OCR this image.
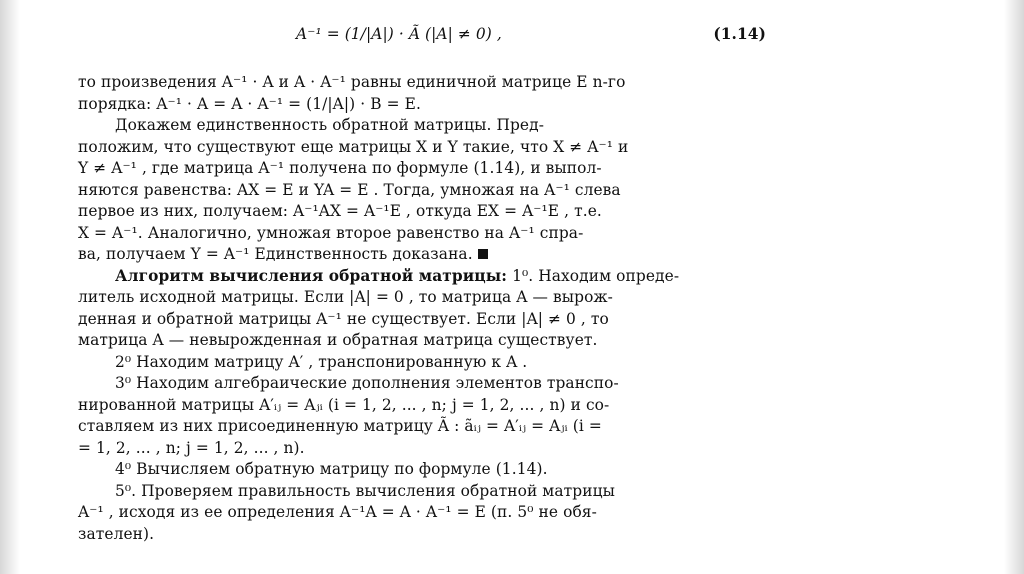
A⁻¹ = (1/|A|) · Ã (|A| ≠ 0) ,	(1.14)
то произведения A⁻¹ · A и A · A⁻¹ равны единичной матрице E n-го
порядка: A⁻¹ · A = A · A⁻¹ = (1/|A|) · B = E.
Докажем единственность обратной матрицы. Пред-
положим, что существуют еще матрицы X и Y такие, что X ≠ A⁻¹ и
Y ≠ A⁻¹ , где матрица A⁻¹ получена по формуле (1.14), и выпол-
няются равенства: AX = E и YA = E . Тогда, умножая на A⁻¹ слева
первое из них, получаем: A⁻¹AX = A⁻¹E , откуда EX = A⁻¹E , т.е.
X = A⁻¹. Аналогично, умножая второе равенство на A⁻¹ спра-
ва, получаем Y = A⁻¹ Единственность доказана.
Алгоритм вычисления обратной матрицы: 1⁰. Находим опреде-
литель исходной матрицы. Если |A| = 0 , то матрица A — вырож-
денная и обратной матрицы A⁻¹ не существует. Если |A| ≠ 0 , то
матрица A — невырожденная и обратная матрица существует.
2⁰ Находим матрицу A′ , транспонированную к A .
3⁰ Находим алгебраические дополнения элементов транспо-
нированной матрицы A′ᵢⱼ = Aⱼᵢ (i = 1, 2, ... , n; j = 1, 2, ... , n) и со-
ставляем из них присоединенную матрицу Ã : ãᵢⱼ = A′ᵢⱼ = Aⱼᵢ (i =
= 1, 2, ... , n; j = 1, 2, ... , n).
4⁰ Вычисляем обратную матрицу по формуле (1.14).
5⁰. Проверяем правильность вычисления обратной матрицы
A⁻¹ , исходя из ее определения A⁻¹A = A · A⁻¹ = E (п. 5⁰ не обя-
зателен).
